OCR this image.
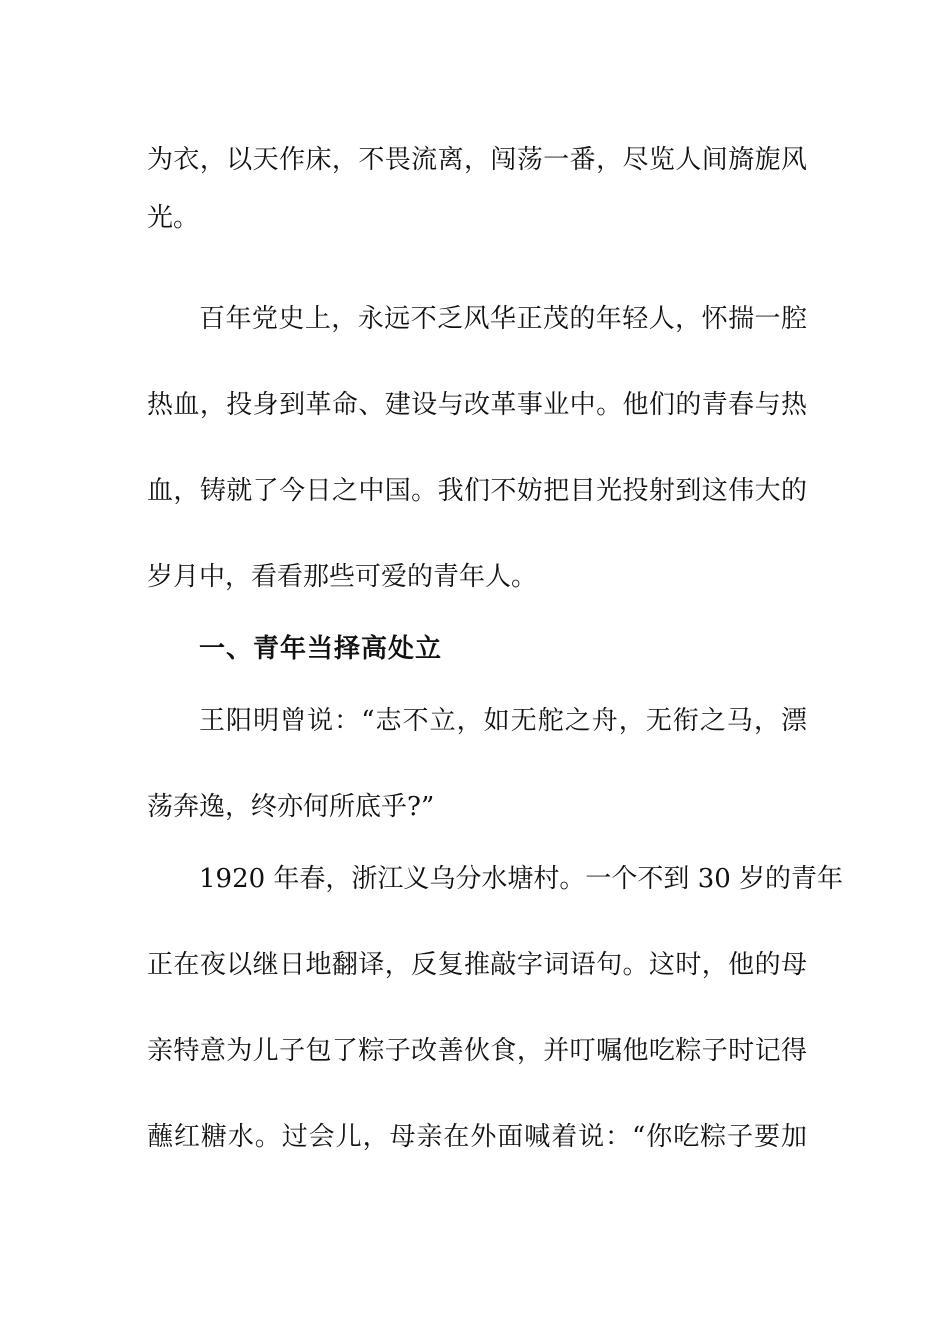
为衣，以天作床，不畏流离，闯荡一番，尽览人间旖旎风
光。
百年党史上，永远不乏风华正茂的年轻人，怀揣一腔
热血，投身到革命、建设与改革事业中。他们的青春与热
血，铸就了今日之中国。我们不妨把目光投射到这伟大的
岁月中，看看那些可爱的青年人。
一、青年当择高处立
王阳明曾说：“志不立，如无舵之舟，无衔之马，漂
荡奔逸，终亦何所底乎?”
1920 年春，浙江义乌分水塘村。一个不到 30 岁的青年
正在夜以继日地翻译，反复推敲字词语句。这时，他的母
亲特意为儿子包了粽子改善伙食，并叮嘱他吃粽子时记得
蘸红糖水。过会儿，母亲在外面喊着说：“你吃粽子要加
